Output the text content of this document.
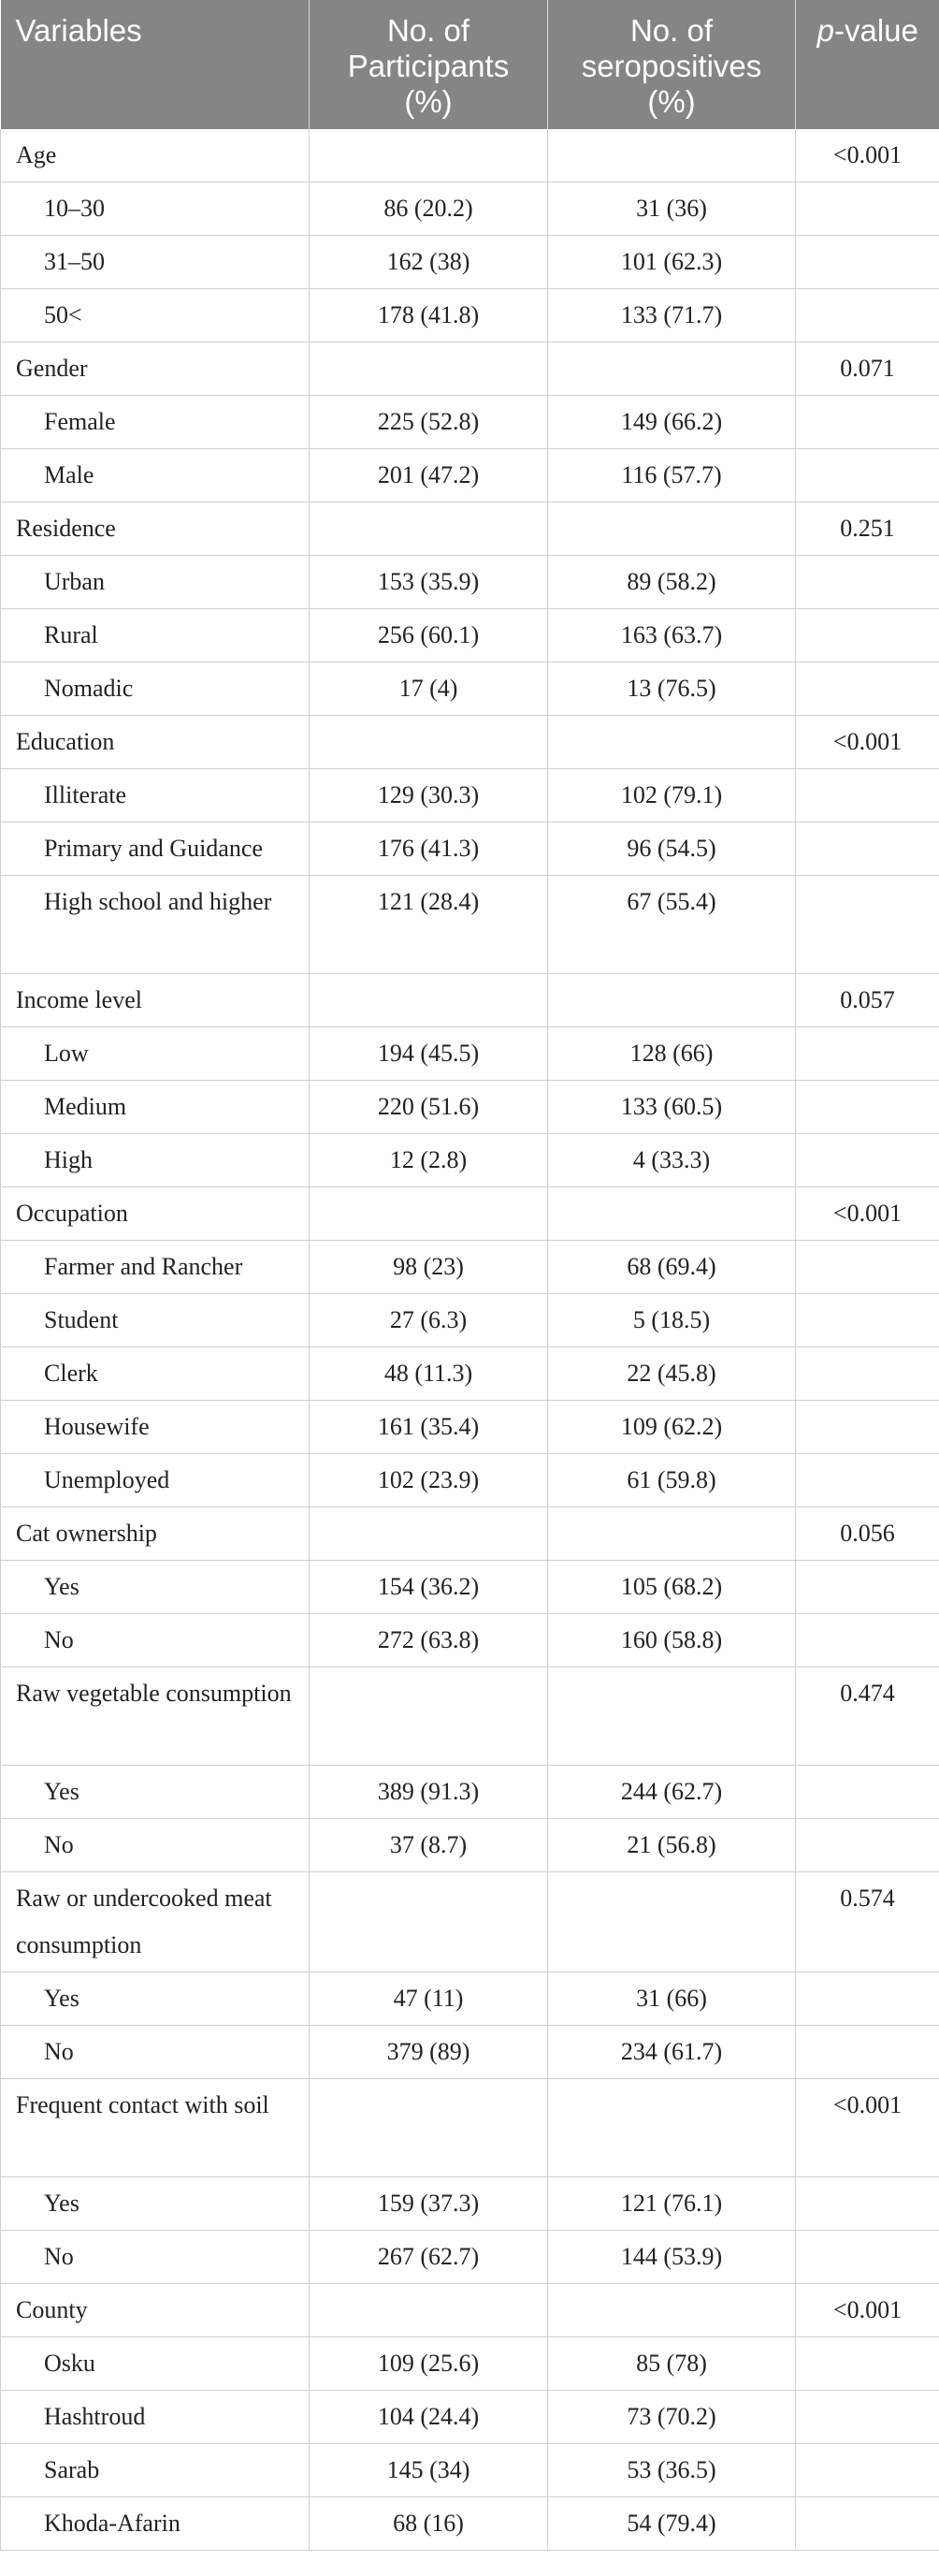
Variables	No. of Participants (%)	No. of seropositives (%)	p-value
Age			<0.001
10–30	86 (20.2)	31 (36)	
31–50	162 (38)	101 (62.3)	
50<	178 (41.8)	133 (71.7)	
Gender			0.071
Female	225 (52.8)	149 (66.2)	
Male	201 (47.2)	116 (57.7)	
Residence			0.251
Urban	153 (35.9)	89 (58.2)	
Rural	256 (60.1)	163 (63.7)	
Nomadic	17 (4)	13 (76.5)	
Education			<0.001
Illiterate	129 (30.3)	102 (79.1)	
Primary and Guidance	176 (41.3)	96 (54.5)	
High school and higher	121 (28.4)	67 (55.4)	
Income level			0.057
Low	194 (45.5)	128 (66)	
Medium	220 (51.6)	133 (60.5)	
High	12 (2.8)	4 (33.3)	
Occupation			<0.001
Farmer and Rancher	98 (23)	68 (69.4)	
Student	27 (6.3)	5 (18.5)	
Clerk	48 (11.3)	22 (45.8)	
Housewife	161 (35.4)	109 (62.2)	
Unemployed	102 (23.9)	61 (59.8)	
Cat ownership			0.056
Yes	154 (36.2)	105 (68.2)	
No	272 (63.8)	160 (58.8)	
Raw vegetable consumption			0.474
Yes	389 (91.3)	244 (62.7)	
No	37 (8.7)	21 (56.8)	
Raw or undercooked meat consumption			0.574
Yes	47 (11)	31 (66)	
No	379 (89)	234 (61.7)	
Frequent contact with soil			<0.001
Yes	159 (37.3)	121 (76.1)	
No	267 (62.7)	144 (53.9)	
County			<0.001
Osku	109 (25.6)	85 (78)	
Hashtroud	104 (24.4)	73 (70.2)	
Sarab	145 (34)	53 (36.5)	
Khoda-Afarin	68 (16)	54 (79.4)	
